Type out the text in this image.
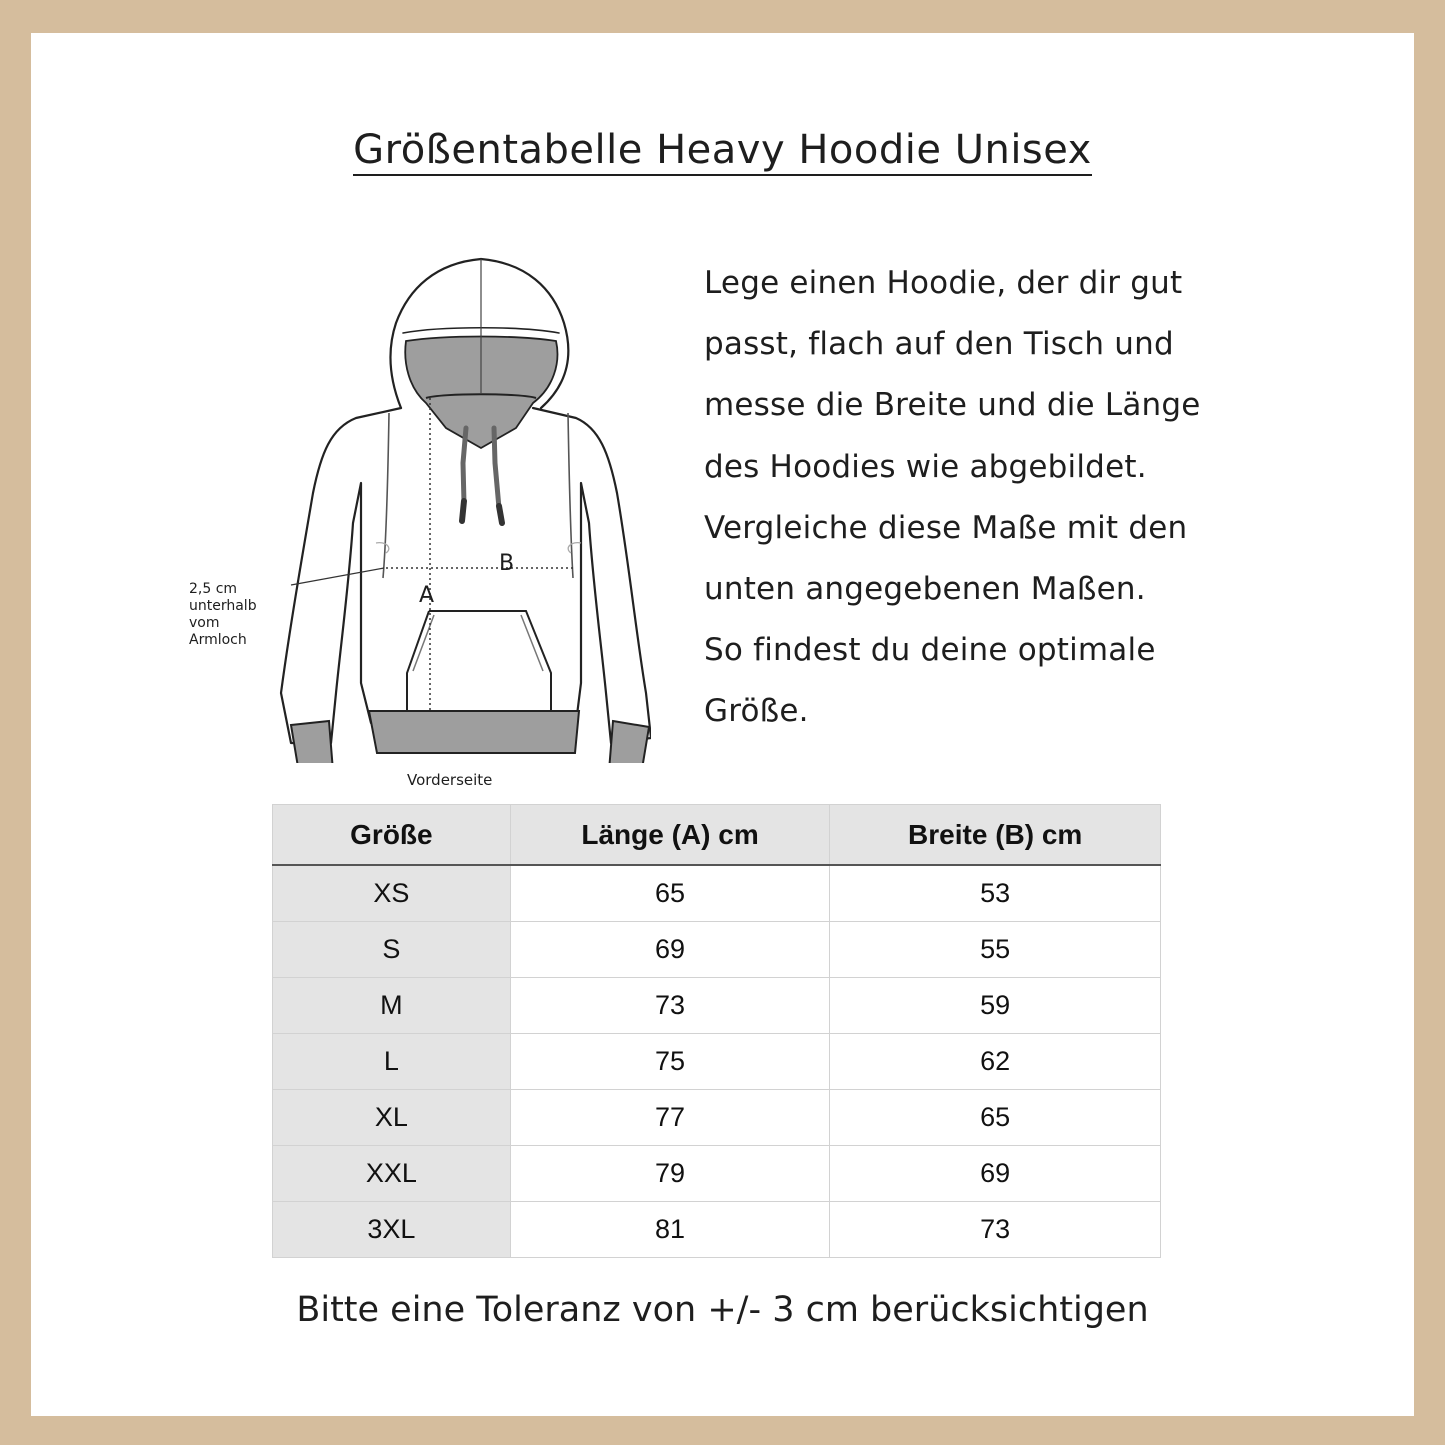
Größentabelle Heavy Hoodie Unisex
B
A
2,5 cm
unterhalb
vom
Armloch
Vorderseite
Lege einen Hoodie, der dir gut
passt, flach auf den Tisch und
messe die Breite und die Länge
des Hoodies wie abgebildet.
Vergleiche diese Maße mit den
unten angegebenen Maßen.
So findest du deine optimale
Größe.
Größe	Länge (A) cm	Breite (B) cm
XS	65	53
S	69	55
M	73	59
L	75	62
XL	77	65
XXL	79	69
3XL	81	73
Bitte eine Toleranz von +/- 3 cm berücksichtigen
